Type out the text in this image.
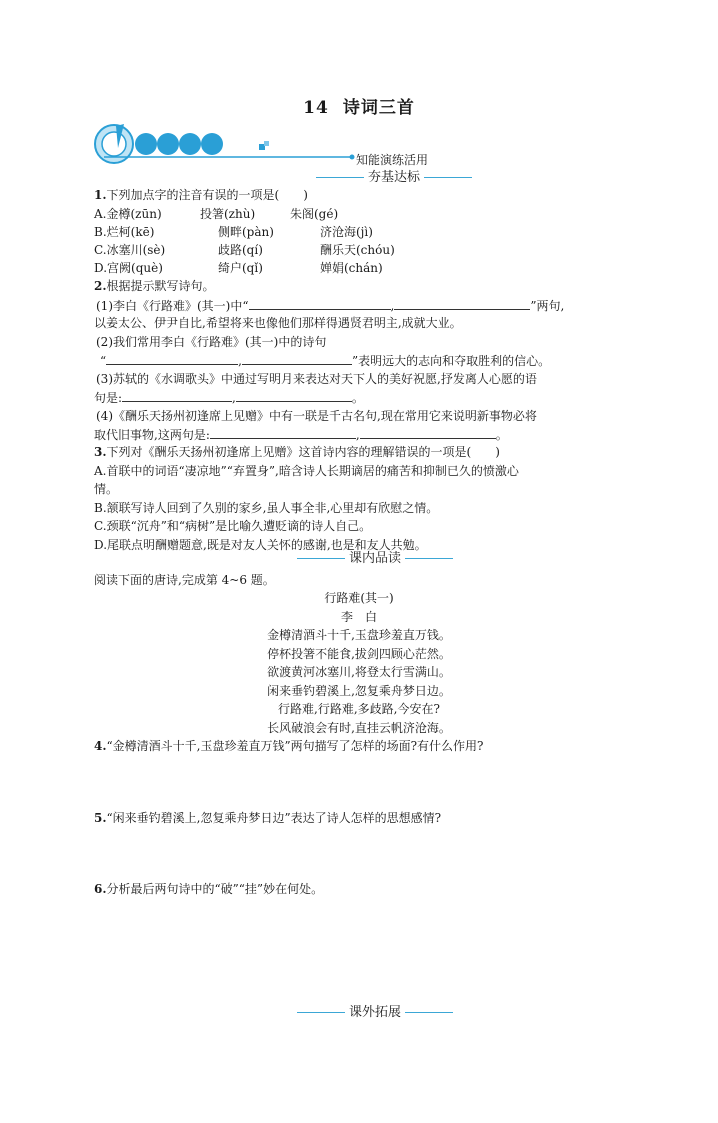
14 诗词三首
知能演练活用
夯基达标
1.下列加点字的注音有误的一项是(　　)
A.金樽(zūn)	投箸(zhù)	朱阁(gé)
B.烂柯(kē)	侧畔(pàn)	济沧海(jì)
C.冰塞川(sè)	歧路(qí)	酬乐天(chóu)
D.宫阙(què)	绮户(qǐ)	婵娟(chán)
2.根据提示默写诗句。
(1)李白《行路难》(其一)中“	,	”两句,
以姜太公、伊尹自比,希望将来也像他们那样得遇贤君明主,成就大业。
(2)我们常用李白《行路难》(其一)中的诗句
“	,	”表明远大的志向和夺取胜利的信心。
(3)苏轼的《水调歌头》中通过写明月来表达对天下人的美好祝愿,抒发离人心愿的语
句是:	,	。
(4)《酬乐天扬州初逢席上见赠》中有一联是千古名句,现在常用它来说明新事物必将
取代旧事物,这两句是:	,	。
3.下列对《酬乐天扬州初逢席上见赠》这首诗内容的理解错误的一项是(　　)
A.首联中的词语“凄凉地”“弃置身”,暗含诗人长期谪居的痛苦和抑制已久的愤激心
情。
B.颔联写诗人回到了久别的家乡,虽人事全非,心里却有欣慰之情。
C.颈联“沉舟”和“病树”是比喻久遭贬谪的诗人自己。
D.尾联点明酬赠题意,既是对友人关怀的感谢,也是和友人共勉。
课内品读
阅读下面的唐诗,完成第 4~6 题。
行路难(其一)
李　白
金樽清酒斗十千,玉盘珍羞直万钱。
停杯投箸不能食,拔剑四顾心茫然。
欲渡黄河冰塞川,将登太行雪满山。
闲来垂钓碧溪上,忽复乘舟梦日边。
行路难,行路难,多歧路,今安在?
长风破浪会有时,直挂云帆济沧海。
4.“金樽清酒斗十千,玉盘珍羞直万钱”两句描写了怎样的场面?有什么作用?
5.“闲来垂钓碧溪上,忽复乘舟梦日边”表达了诗人怎样的思想感情?
6.分析最后两句诗中的“破”“挂”妙在何处。
课外拓展
